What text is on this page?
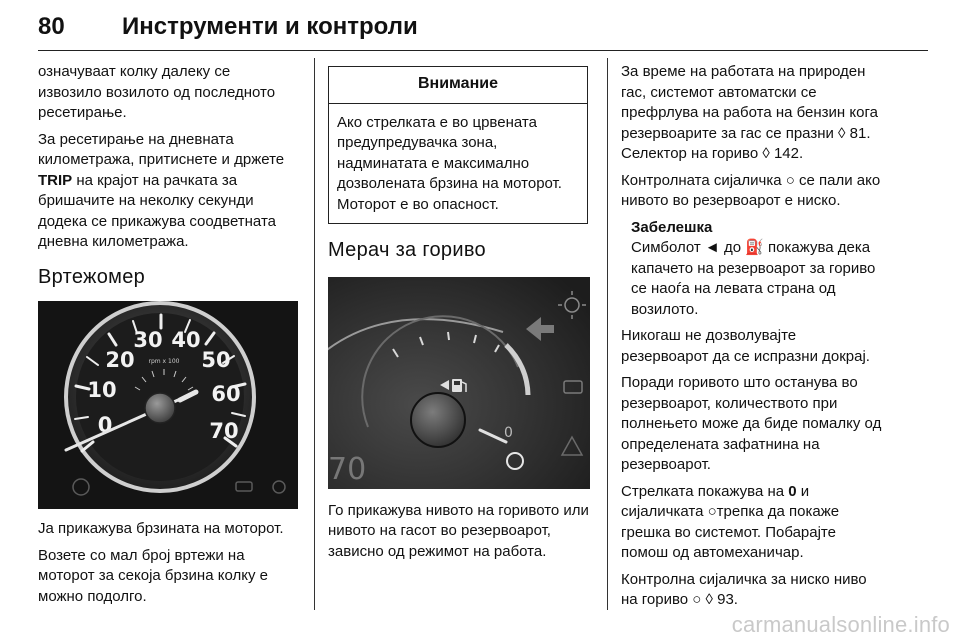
80 Инструменти и контроли

означуваат колку далеку се извозило возилото од последното ресетирање.

За ресетирање на дневната километража, притиснете и држете TRIP на крајот на рачката за бришачите на неколку секунди додека се прикажува соодветната дневна километража.

Вртежомер
0
10
20
30 40
50
60
70
rpm x 100

Ја прикажува брзината на моторот.

Возете со мал број вртежи на моторот за секоја брзина колку е можно подолго.

Внимание
Ако стрелката е во црвената предупредувачка зона, надминатата е максимално дозволената брзина на моторот. Моторот е во опасност.
Мерач за гориво
0
70

Го прикажува нивото на горивото или нивото на гасот во резервоарот, зависно од режимот на работа.

За време на работата на природен гас, системот автоматски се префрлува на работа на бензин кога резервоарите за гас се празни ◊ 81. Селектор на гориво ◊ 142.

Контролната сијаличка ○ се пали ако нивото во резервоарот е ниско.

Забелешка

Симболот ◄ до ⛽ покажува дека капачето на резервоарот за гориво се наоѓа на левата страна од возилото.

Никогаш не дозволувајте резервоарот да се испразни докрај.

Поради горивото што останува во резервоарот, количеството при полнењето може да биде помалку од определената зафатнина на резервоарот.

Стрелката покажува на 0 и сијаличката ○трепка да покаже грешка во системот. Побарајте помош од автомеханичар.

Контролна сијаличка за ниско ниво на гориво ○ ◊ 93.

carmanualsonline.info
